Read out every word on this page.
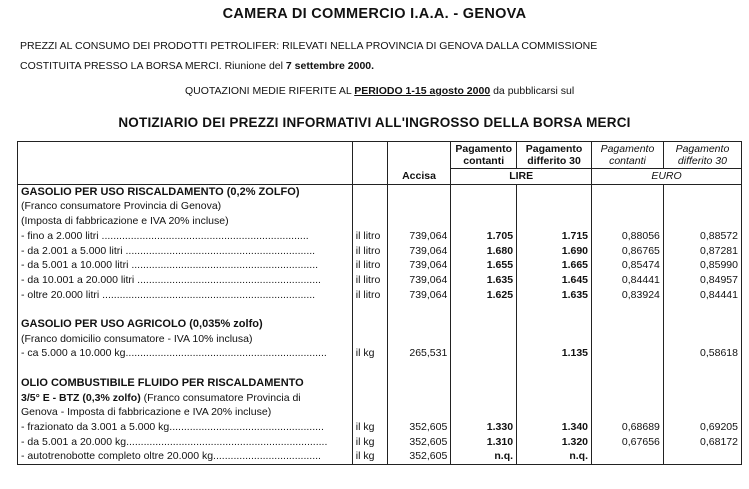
CAMERA DI COMMERCIO I.A.A. - GENOVA
PREZZI AL CONSUMO DEI PRODOTTI PETROLIFER: RILEVATI NELLA PROVINCIA DI GENOVA DALLA COMMISSIONE
COSTITUITA PRESSO LA BORSA MERCI. Riunione del 7 settembre 2000.
QUOTAZIONI MEDIE RIFERITE AL PERIODO 1-15 agosto 2000 da pubblicarsi sul
NOTIZIARIO DEI PREZZI INFORMATIVI ALL'INGROSSO DELLA BORSA MERCI
			Pagamento contanti	Pagamento differito 30	Pagamento contanti	Pagamento differito 30
		Accisa	LIRE		EURO	
GASOLIO PER USO RISCALDAMENTO (0,2% ZOLFO)						
(Franco consumatore Provincia di Genova)						
(Imposta di fabbricazione e IVA 20% incluse)						
- fino a 2.000 litri .......................................................................	il litro	739,064	1.705	1.715	0,88056	0,88572
- da 2.001 a 5.000 litri .................................................................	il litro	739,064	1.680	1.690	0,86765	0,87281
- da 5.001 a 10.000 litri ................................................................	il litro	739,064	1.655	1.665	0,85474	0,85990
- da 10.001 a 20.000 litri ...............................................................	il litro	739,064	1.635	1.645	0,84441	0,84957
- oltre 20.000 litri .........................................................................	il litro	739,064	1.625	1.635	0,83924	0,84441

GASOLIO PER USO AGRICOLO (0,035% zolfo)						
(Franco domicilio consumatore - IVA 10% inclusa)						
- ca 5.000 a 10.000 kg.....................................................................	il kg	265,531		1.135		0,58618

OLIO COMBUSTIBILE FLUIDO PER RISCALDAMENTO						
3/5° E - BTZ (0,3% zolfo) (Franco consumatore Provincia di						
Genova - Imposta di fabbricazione e IVA 20% incluse)						
- frazionato da 3.001 a 5.000 kg.....................................................	il kg	352,605	1.330	1.340	0,68689	0,69205
- da 5.001 a 20.000 kg.....................................................................	il kg	352,605	1.310	1.320	0,67656	0,68172
- autotrenobotte completo oltre 20.000 kg.....................................	il kg	352,605	n.q.	n.q.		
